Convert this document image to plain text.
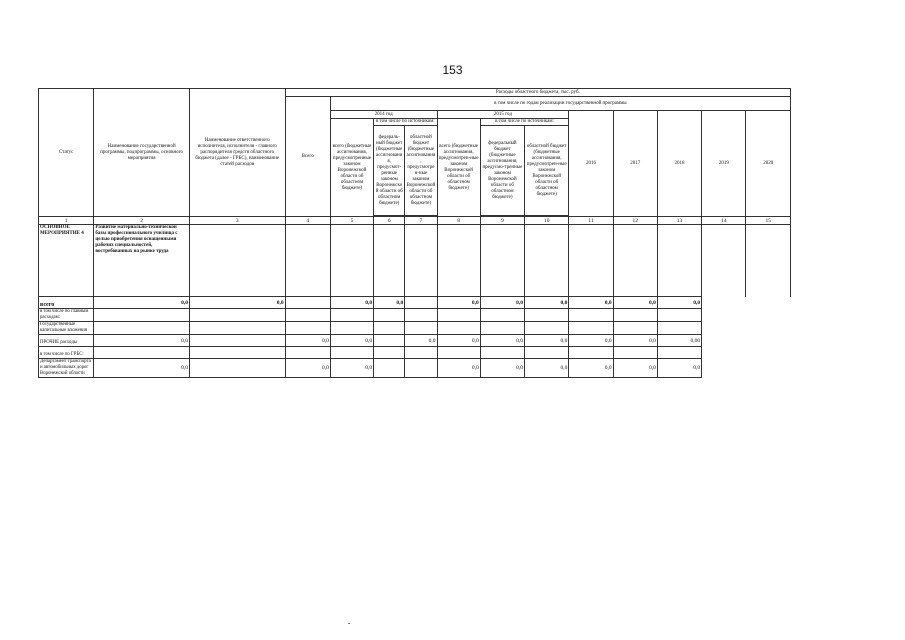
153
Статус	Наименование государственной программы, подпрограммы, основного мероприятия	Наименование ответственного исполнителя, исполнителя - главного распорядителя средств областного бюджета (далее - ГРБС), наименование статей расходов	Расходы областного бюджета, тыс. руб.											
			Всего	в том числе по годам реализации государственной программы										
				2014 год			2015 год			2016	2017	2018	2019	2020
				всего (бюджетные ассигнования, предусмотренные законом Воронежской области об областном бюджете)	в том числе по источникам:		всего (бюджетные ассигнования, предусмотрен-ные законом Воронежской области об областном бюджете)	в том числе по источникам:						
					федераль-ный бюджет (бюджетные ассигнования, предусмот-ренные законом Воронежской области об областном бюджете)	областной бюджет (бюджетные ассигнования, предусмотрен-ные законом Воронежской области об областном бюджете)		федеральный бюджет (бюджетные ассигнования, предусмо-тренные законом Воронежской области об областном бюджете)	областной бюджет (бюджетные ассигнования, предусмотрен-ные законом Воронежской области об областном бюджете)					

1	2	3	4	5	6	7	8	9	10	11	12	13	14	15
ОСНОВНОЕ МЕРОПРИЯТИЕ 4	Развитие материально-технической базы профессионального училища с целью приобретения оснащенными рабочих специальностей, востребованных на рынке труда													
всего	0,0	0,0		0,0	0,0		0,0	0,0	0,0	0,0	0,0	0,0		
в том числе по главным расходам:														
Государственные капитальные вложения														
ПРОЧИЕ расходы	0,0		0,0	0,0		0,0	0,0	0,0	0,0	0,0	0,0	0,00		
в том числе по ГРБС:														
Департамент транспорта и автомобильных дорог Воронежской области	0,0		0,0	0,0			0,0	0,0	0,0	0,0	0,0	0,0		
